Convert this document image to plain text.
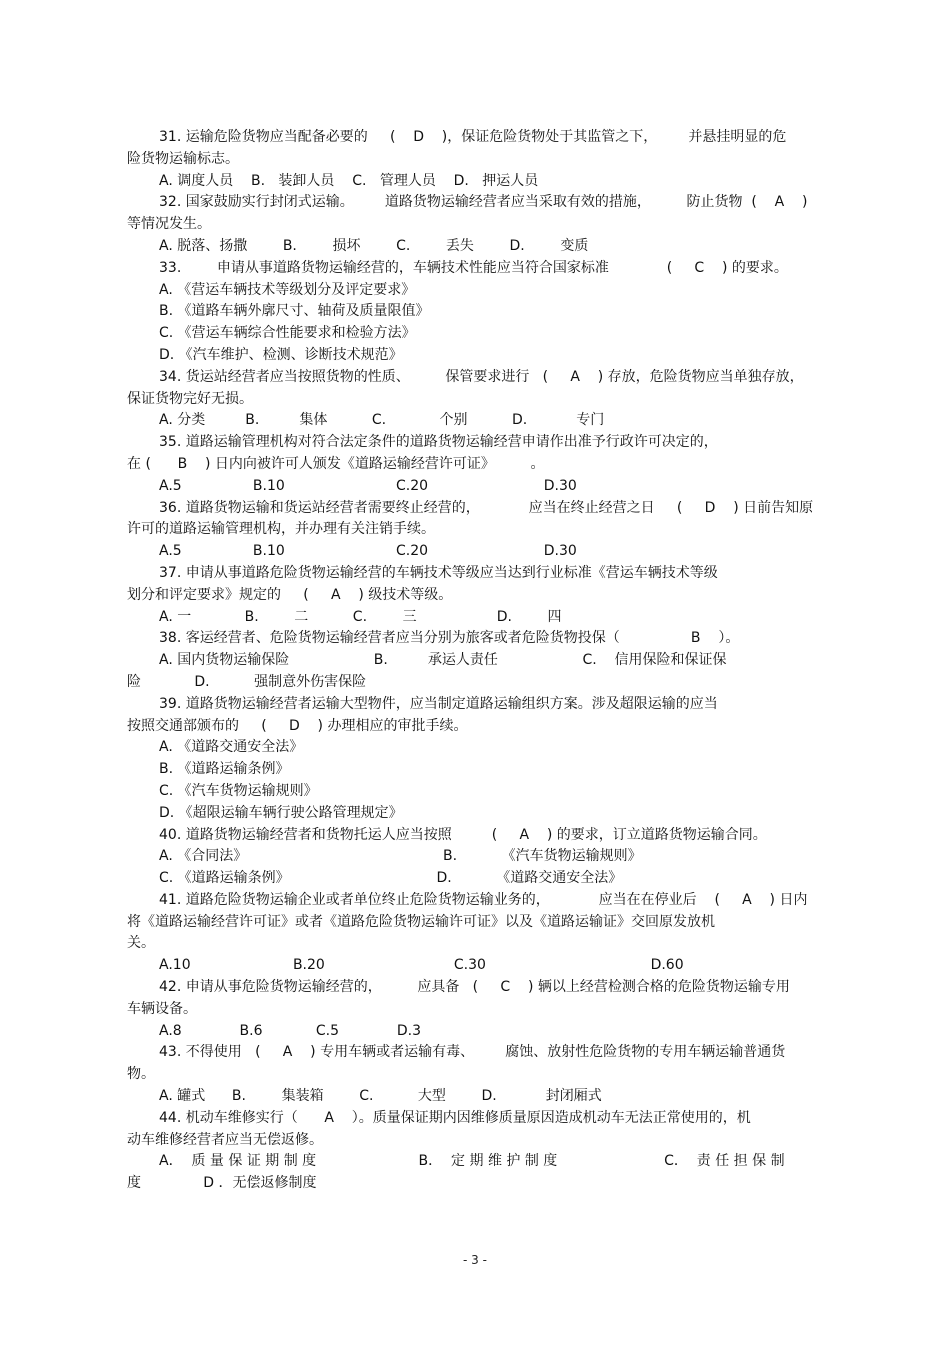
31. 运输危险货物应当配备必要的     (    D    )，保证危险货物处于其监管之下，       并悬挂明显的危
险货物运输标志。
A. 调度人员    B.   装卸人员    C.   管理人员    D.   押运人员
32. 国家鼓励实行封闭式运输。       道路货物运输经营者应当采取有效的措施，        防止货物  (    A    )
等情况发生。
A. 脱落、扬撒        B.        损坏        C.        丢失        D.        变质
33.        申请从事道路货物运输经营的，车辆技术性能应当符合国家标准             (     C    ) 的要求。
A. 《营运车辆技术等级划分及评定要求》
B. 《道路车辆外廓尺寸、轴荷及质量限值》
C. 《营运车辆综合性能要求和检验方法》
D. 《汽车维护、检测、诊断技术规范》
34. 货运站经营者应当按照货物的性质、        保管要求进行   (     A    ) 存放，危险货物应当单独存放，
保证货物完好无损。
A. 分类         B.         集体          C.            个别          D.           专门
35. 道路运输管理机构对符合法定条件的道路货物运输经营申请作出准予行政许可决定的，
在 (      B    ) 日内向被许可人颁发《道路运输经营许可证》        。
A.5                B.10                         C.20                          D.30
36. 道路货物运输和货运站经营者需要终止经营的，           应当在终止经营之日     (     D    ) 日前告知原
许可的道路运输管理机构，并办理有关注销手续。
A.5                B.10                         C.20                          D.30
37. 申请从事道路危险货物运输经营的车辆技术等级应当达到行业标准《营运车辆技术等级
划分和评定要求》规定的     (     A    ) 级技术等级。
A. 一            B.        二          C.        三                  D.        四
38. 客运经营者、危险货物运输经营者应当分别为旅客或者危险货物投保（                B    ）。
A. 国内货物运输保险                   B.         承运人责任                   C.    信用保险和保证保
险            D.          强制意外伤害保险
39. 道路货物运输经营者运输大型物件，应当制定道路运输组织方案。涉及超限运输的应当
按照交通部颁布的     (     D    ) 办理相应的审批手续。
A. 《道路交通安全法》
B. 《道路运输条例》
C. 《汽车货物运输规则》
D. 《超限运输车辆行驶公路管理规定》
40. 道路货物运输经营者和货物托运人应当按照         (     A    ) 的要求，订立道路货物运输合同。
A. 《合同法》                                            B.          《汽车货物运输规则》
C. 《道路运输条例》                                 D.          《道路交通安全法》
41. 道路危险货物运输企业或者单位终止危险货物运输业务的，           应当在在停业后    (     A    ) 日内
将《道路运输经营许可证》或者《道路危险货物运输许可证》以及《道路运输证》交回原发放机
关。
A.10                       B.20                             C.30                                     D.60
42. 申请从事危险货物运输经营的，        应具备   (     C    ) 辆以上经营检测合格的危险货物运输专用
车辆设备。
A.8             B.6            C.5             D.3
43. 不得使用   (     A    ) 专用车辆或者运输有毒、       腐蚀、放射性危险货物的专用车辆运输普通货
物。
A. 罐式      B.        集装箱        C.          大型        D.           封闭厢式
44. 机动车维修实行（      A    ）。质量保证期内因维修质量原因造成机动车无法正常使用的，机
动车维修经营者应当无偿返修。
A．  质 量 保 证 期 制 度                       B．  定 期 维 护 制 度                        C．  责 任 担 保 制
度              D ．无偿返修制度
- 3 -
